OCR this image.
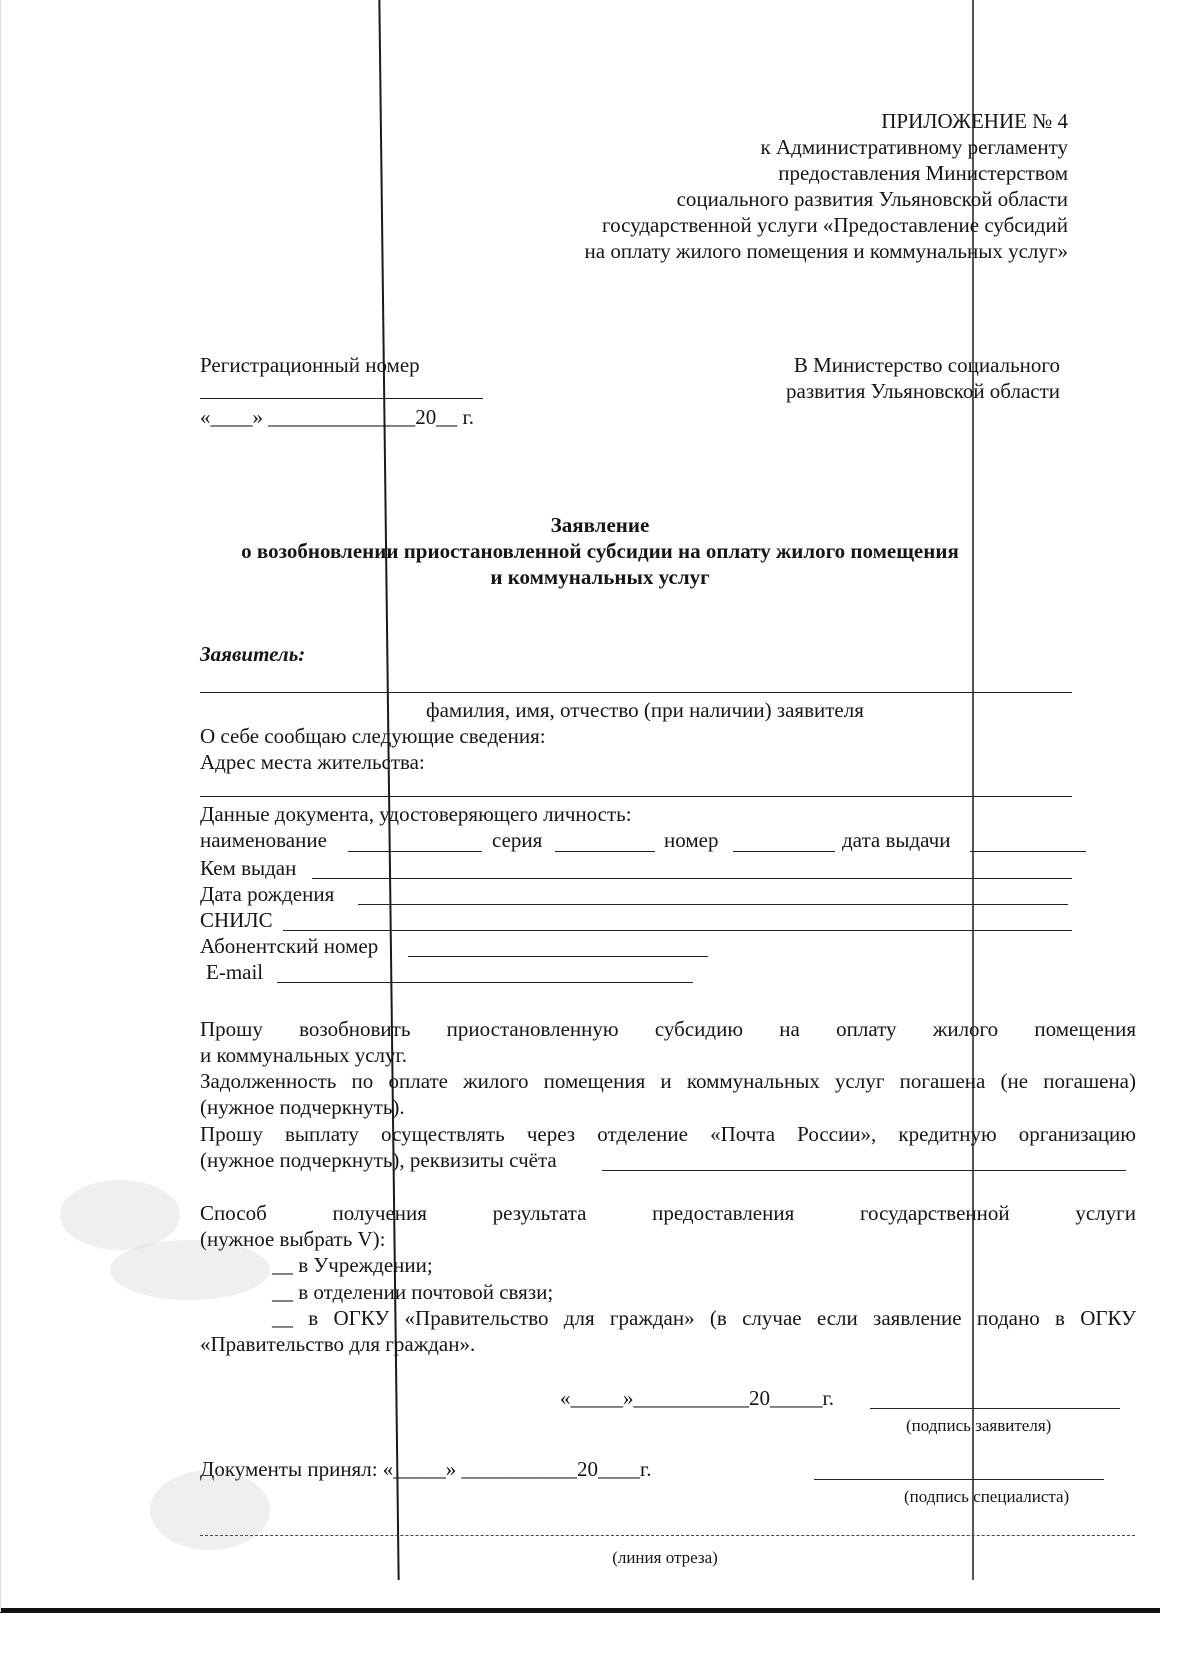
ПРИЛОЖЕНИЕ № 4
к Административному регламенту
предоставления Министерством
социального развития Ульяновской области
государственной услуги «Предоставление субсидий
на оплату жилого помещения и коммунальных услуг»
Регистрационный номер
«____» ______________20__ г.
В Министерство социального
развития Ульяновской области
Заявление
о возобновлении приостановленной субсидии на оплату жилого помещения
и коммунальных услуг
Заявитель:
фамилия, имя, отчество (при наличии) заявителя
О себе сообщаю следующие сведения:
Адрес места жительства:
Данные документа, удостоверяющего личность:
наименование	серия	номер	дата выдачи
Кем выдан
Дата рождения
СНИЛС
Абонентский номер
E-mail
Прошу возобновить приостановленную субсидию на оплату жилого помещения
и коммунальных услуг.
Задолженность по оплате жилого помещения и коммунальных услуг погашена (не погашена)
(нужное подчеркнуть).
Прошу выплату осуществлять через отделение «Почта России», кредитную организацию
(нужное подчеркнуть), реквизиты счёта
Способ получения результата предоставления государственной услуги
(нужное выбрать V):
__ в Учреждении;
__ в отделении почтовой связи;
__ в ОГКУ «Правительство для граждан» (в случае если заявление подано в ОГКУ
«Правительство для граждан».
«_____»___________20_____г.
(подпись заявителя)
Документы принял: «_____» ___________20____г.
(подпись специалиста)
(линия отреза)
